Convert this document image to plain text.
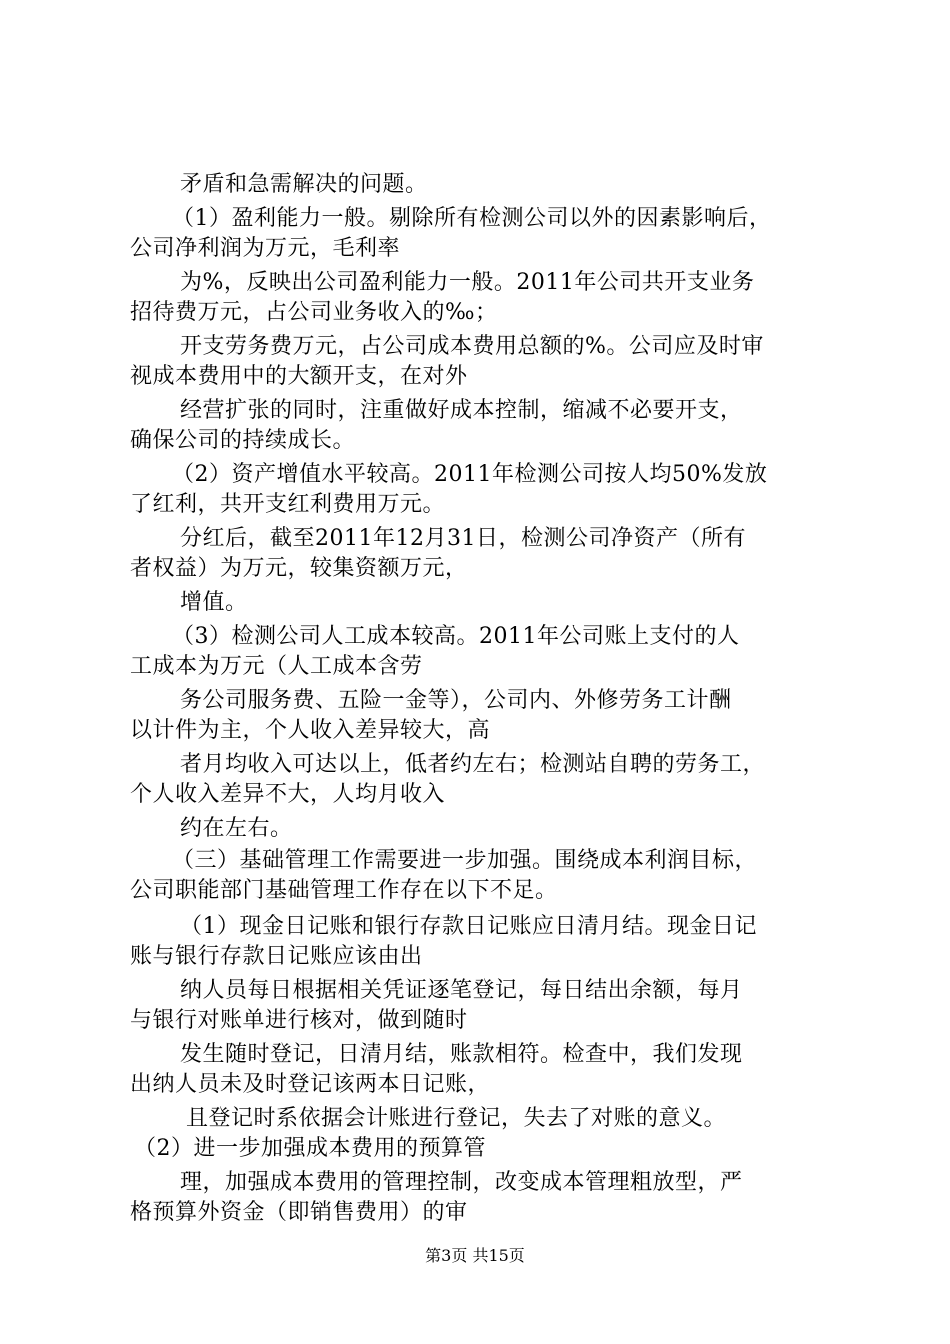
矛盾和急需解决的问题。
（1）盈利能力一般。剔除所有检测公司以外的因素影响后，
公司净利润为万元，毛利率
为%，反映出公司盈利能力一般。2011年公司共开支业务
招待费万元，占公司业务收入的‰；
开支劳务费万元，占公司成本费用总额的%。公司应及时审
视成本费用中的大额开支，在对外
经营扩张的同时，注重做好成本控制，缩减不必要开支，
确保公司的持续成长。
（2）资产增值水平较高。2011年检测公司按人均50%发放
了红利，共开支红利费用万元。
分红后，截至2011年12月31日，检测公司净资产（所有
者权益）为万元，较集资额万元，
增值。
（3）检测公司人工成本较高。2011年公司账上支付的人
工成本为万元（人工成本含劳
务公司服务费、五险一金等），公司内、外修劳务工计酬
以计件为主，个人收入差异较大，高
者月均收入可达以上，低者约左右；检测站自聘的劳务工，
个人收入差异不大，人均月收入
约在左右。
（三）基础管理工作需要进一步加强。围绕成本利润目标，
公司职能部门基础管理工作存在以下不足。
（1）现金日记账和银行存款日记账应日清月结。现金日记
账与银行存款日记账应该由出
纳人员每日根据相关凭证逐笔登记，每日结出余额，每月
与银行对账单进行核对，做到随时
发生随时登记，日清月结，账款相符。检查中，我们发现
出纳人员未及时登记该两本日记账，
且登记时系依据会计账进行登记，失去了对账的意义。
（2）进一步加强成本费用的预算管
理，加强成本费用的管理控制，改变成本管理粗放型，严
格预算外资金（即销售费用）的审
第3页 共15页
